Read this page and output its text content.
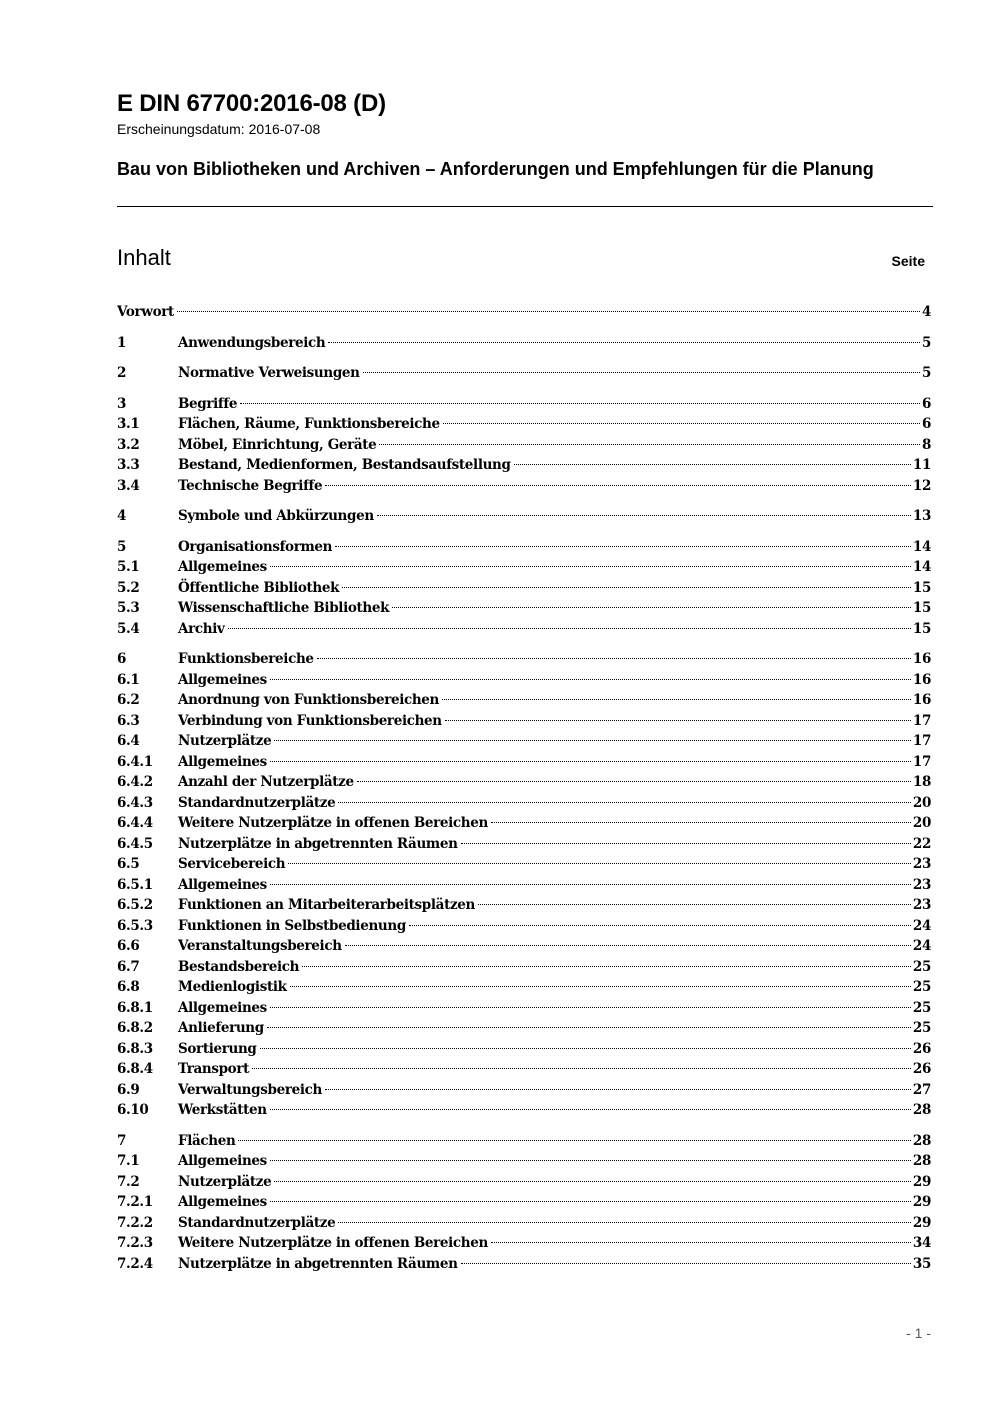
E DIN 67700:2016-08 (D)
Erscheinungsdatum: 2016-07-08
Bau von Bibliotheken und Archiven – Anforderungen und Empfehlungen für die Planung
Inhalt	Seite
Vorwort	4
1	Anwendungsbereich	5
2	Normative Verweisungen	5
3	Begriffe	6
3.1	Flächen, Räume, Funktionsbereiche	6
3.2	Möbel, Einrichtung, Geräte	8
3.3	Bestand, Medienformen, Bestandsaufstellung	11
3.4	Technische Begriffe	12
4	Symbole und Abkürzungen	13
5	Organisationsformen	14
5.1	Allgemeines	14
5.2	Öffentliche Bibliothek	15
5.3	Wissenschaftliche Bibliothek	15
5.4	Archiv	15
6	Funktionsbereiche	16
6.1	Allgemeines	16
6.2	Anordnung von Funktionsbereichen	16
6.3	Verbindung von Funktionsbereichen	17
6.4	Nutzerplätze	17
6.4.1	Allgemeines	17
6.4.2	Anzahl der Nutzerplätze	18
6.4.3	Standardnutzerplätze	20
6.4.4	Weitere Nutzerplätze in offenen Bereichen	20
6.4.5	Nutzerplätze in abgetrennten Räumen	22
6.5	Servicebereich	23
6.5.1	Allgemeines	23
6.5.2	Funktionen an Mitarbeiterarbeitsplätzen	23
6.5.3	Funktionen in Selbstbedienung	24
6.6	Veranstaltungsbereich	24
6.7	Bestandsbereich	25
6.8	Medienlogistik	25
6.8.1	Allgemeines	25
6.8.2	Anlieferung	25
6.8.3	Sortierung	26
6.8.4	Transport	26
6.9	Verwaltungsbereich	27
6.10	Werkstätten	28
7	Flächen	28
7.1	Allgemeines	28
7.2	Nutzerplätze	29
7.2.1	Allgemeines	29
7.2.2	Standardnutzerplätze	29
7.2.3	Weitere Nutzerplätze in offenen Bereichen	34
7.2.4	Nutzerplätze in abgetrennten Räumen	35
- 1 -
